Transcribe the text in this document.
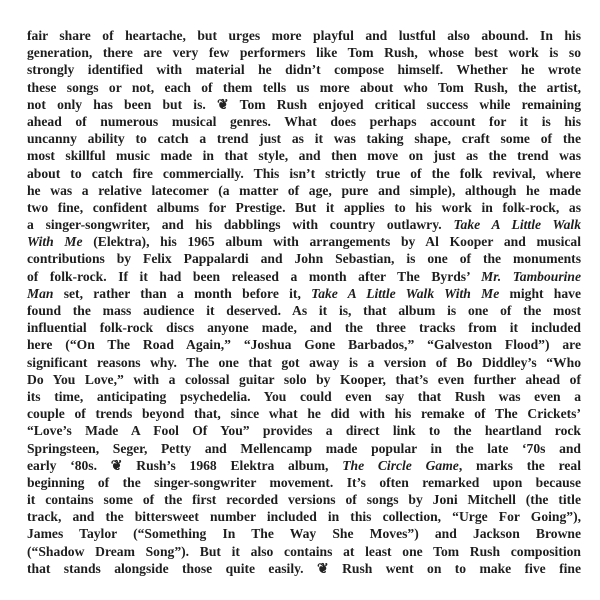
fair share of heartache, but urges more playful and lustful also abound. In his
generation, there are very few performers like Tom Rush, whose best work is so
strongly identified with material he didn’t compose himself. Whether he wrote
these songs or not, each of them tells us more about who Tom Rush, the artist,
not only has been but is. ❦ Tom Rush enjoyed critical success while remaining
ahead of numerous musical genres. What does perhaps account for it is his
uncanny ability to catch a trend just as it was taking shape, craft some of the
most skillful music made in that style, and then move on just as the trend was
about to catch fire commercially. This isn’t strictly true of the folk revival, where
he was a relative latecomer (a matter of age, pure and simple), although he made
two fine, confident albums for Prestige. But it applies to his work in folk-rock, as
a singer-songwriter, and his dabblings with country outlawry. Take A Little Walk
With Me (Elektra), his 1965 album with arrangements by Al Kooper and musical
contributions by Felix Pappalardi and John Sebastian, is one of the monuments
of folk-rock. If it had been released a month after The Byrds’ Mr. Tambourine
Man set, rather than a month before it, Take A Little Walk With Me might have
found the mass audience it deserved. As it is, that album is one of the most
influential folk-rock discs anyone made, and the three tracks from it included
here (“On The Road Again,” “Joshua Gone Barbados,” “Galveston Flood”) are
significant reasons why. The one that got away is a version of Bo Diddley’s “Who
Do You Love,” with a colossal guitar solo by Kooper, that’s even further ahead of
its time, anticipating psychedelia. You could even say that Rush was even a
couple of trends beyond that, since what he did with his remake of The Crickets’
“Love’s Made A Fool Of You” provides a direct link to the heartland rock
Springsteen, Seger, Petty and Mellencamp made popular in the late ‘70s and
early ‘80s. ❦ Rush’s 1968 Elektra album, The Circle Game, marks the real
beginning of the singer-songwriter movement. It’s often remarked upon because
it contains some of the first recorded versions of songs by Joni Mitchell (the title
track, and the bittersweet number included in this collection, “Urge For Going”),
James Taylor (“Something In The Way She Moves”) and Jackson Browne
(“Shadow Dream Song”). But it also contains at least one Tom Rush composition
that stands alongside those quite easily. ❦ Rush went on to make five fine
